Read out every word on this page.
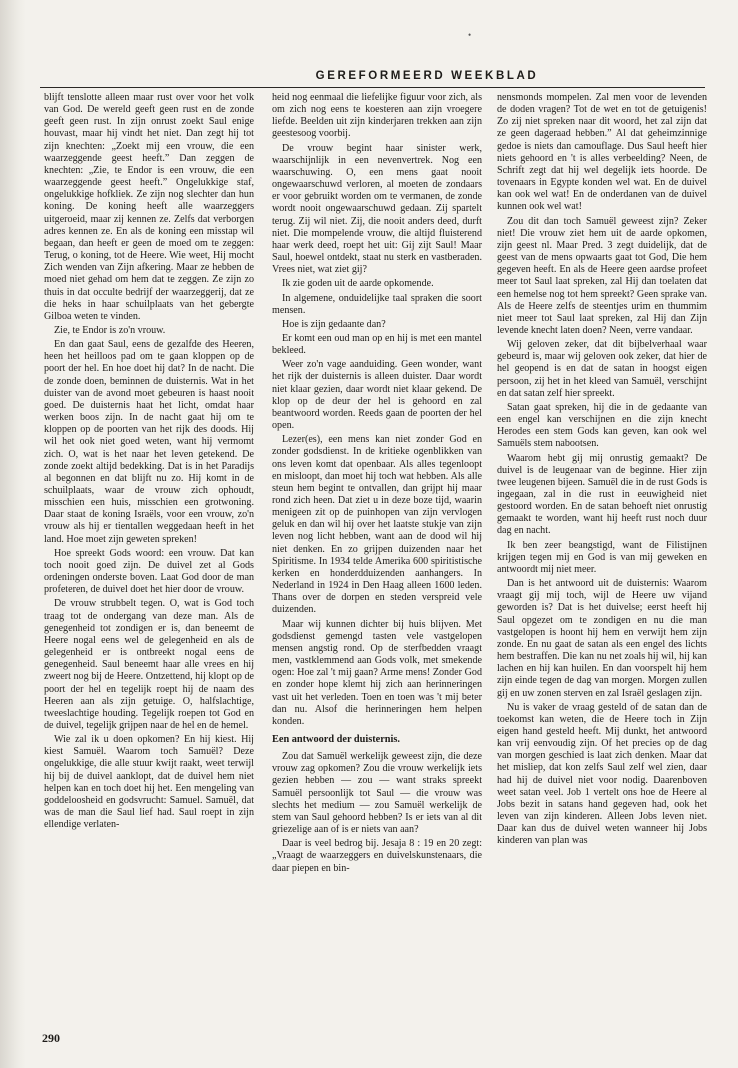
•
GEREFORMEERD WEEKBLAD

blijft tenslotte alleen maar rust over voor het volk van God. De wereld geeft geen rust en de zonde geeft geen rust. In zijn onrust zoekt Saul enige houvast, maar hij vindt het niet. Dan zegt hij tot zijn knechten: „Zoekt mij een vrouw, die een waarzeggende geest heeft.” Dan zeggen de knechten: „Zie, te Endor is een vrouw, die een waarzeggende geest heeft.” Ongelukkige staf, ongelukkige hofkliek. Ze zijn nog slechter dan hun koning. De koning heeft alle waarzeggers uitgeroeid, maar zij kennen ze. Zelfs dat verborgen adres kennen ze. En als de koning een misstap wil begaan, dan heeft er geen de moed om te zeggen: Terug, o koning, tot de Heere. Wie weet, Hij mocht Zich wenden van Zijn afkering. Maar ze hebben de moed niet gehad om hem dat te zeggen. Ze zijn zo thuis in dat occulte bedrijf der waarzeggerij, dat ze die heks in haar schuilplaats van het gebergte Gilboa weten te vinden.

Zie, te Endor is zo'n vrouw.

En dan gaat Saul, eens de gezalfde des Heeren, heen het heilloos pad om te gaan kloppen op de poort der hel. En hoe doet hij dat? In de nacht. Die de zonde doen, beminnen de duisternis. Wat in het duister van de avond moet gebeuren is haast nooit goed. De duisternis haat het licht, omdat haar werken boos zijn. In de nacht gaat hij om te kloppen op de poorten van het rijk des doods. Hij wil het ook niet goed weten, want hij vermomt zich. O, wat is het naar het leven getekend. De zonde zoekt altijd bedekking. Dat is in het Paradijs al begonnen en dat blijft nu zo. Hij komt in de schuilplaats, waar de vrouw zich ophoudt, misschien een huis, misschien een grotwoning. Daar staat de koning Israëls, voor een vrouw, zo'n vrouw als hij er tientallen weggedaan heeft in het land. Hoe moet zijn geweten spreken!

Hoe spreekt Gods woord: een vrouw. Dat kan toch nooit goed zijn. De duivel zet al Gods ordeningen onderste boven. Laat God door de man profeteren, de duivel doet het hier door de vrouw.

De vrouw strubbelt tegen. O, wat is God toch traag tot de ondergang van deze man. Als de genegenheid tot zondigen er is, dan beneemt de Heere nogal eens wel de gelegenheid en als de gelegenheid er is ontbreekt nogal eens de genegenheid. Saul beneemt haar alle vrees en hij zweert nog bij de Heere. Ontzettend, hij klopt op de poort der hel en tegelijk roept hij de naam des Heeren aan als zijn getuige. O, halfslachtige, tweeslachtige houding. Tegelijk roepen tot God en de duivel, tegelijk grijpen naar de hel en de hemel.

Wie zal ik u doen opkomen? En hij kiest. Hij kiest Samuël. Waarom toch Samuël? Deze ongelukkige, die alle stuur kwijt raakt, weet terwijl hij bij de duivel aanklopt, dat de duivel hem niet helpen kan en toch doet hij het. Een mengeling van goddeloosheid en godsvrucht: Samuel. Samuël, dat was de man die Saul lief had. Saul roept in zijn ellendige verlaten-

heid nog eenmaal die liefelijke figuur voor zich, als om zich nog eens te koesteren aan zijn vroegere liefde. Beelden uit zijn kinderjaren trekken aan zijn geestesoog voorbij.

De vrouw begint haar sinister werk, waarschijnlijk in een nevenvertrek. Nog een waarschuwing. O, een mens gaat nooit ongewaarschuwd verloren, al moeten de zondaars er voor gebruikt worden om te vermanen, de zonde wordt nooit ongewaarschuwd gedaan. Zij spartelt terug. Zij wil niet. Zij, die nooit anders deed, durft niet. Die mompelende vrouw, die altijd fluisterend haar werk deed, roept het uit: Gij zijt Saul! Maar Saul, hoewel ontdekt, staat nu sterk en vastberaden. Vrees niet, wat ziet gij?

Ik zie goden uit de aarde opkomende.

In algemene, onduidelijke taal spraken die soort mensen.

Hoe is zijn gedaante dan?

Er komt een oud man op en hij is met een mantel bekleed.

Weer zo'n vage aanduiding. Geen wonder, want het rijk der duisternis is alleen duister. Daar wordt niet klaar gezien, daar wordt niet klaar gekend. De klop op de deur der hel is gehoord en zal beantwoord worden. Reeds gaan de poorten der hel open.

Lezer(es), een mens kan niet zonder God en zonder godsdienst. In de kritieke ogenblikken van ons leven komt dat openbaar. Als alles tegenloopt en misloopt, dan moet hij toch wat hebben. Als alle steun hem begint te ontvallen, dan grijpt hij maar rond zich heen. Dat ziet u in deze boze tijd, waarin menigeen zit op de puinhopen van zijn vervlogen geluk en dan wil hij over het laatste stukje van zijn leven nog licht hebben, want aan de dood wil hij niet denken. En zo grijpen duizenden naar het Spiritisme. In 1934 telde Amerika 600 spiritistische kerken en honderdduizenden aanhangers. In Nederland in 1924 in Den Haag alleen 1600 leden. Thans over de dorpen en steden verspreid vele duizenden.

Maar wij kunnen dichter bij huis blijven. Met godsdienst gemengd tasten vele vastgelopen mensen angstig rond. Op de sterfbedden vraagt men, vastklemmend aan Gods volk, met smekende ogen: Hoe zal 't mij gaan? Arme mens! Zonder God en zonder hope klemt hij zich aan herinneringen vast uit het verleden. Toen en toen was 't mij beter dan nu. Alsof die herinneringen hem helpen konden.

Een antwoord der duisternis.

Zou dat Samuël werkelijk geweest zijn, die deze vrouw zag opkomen? Zou die vrouw werkelijk iets gezien hebben — zou — want straks spreekt Samuël persoonlijk tot Saul — die vrouw was slechts het medium — zou Samuël werkelijk de stem van Saul gehoord hebben? Is er iets van al dit griezelige aan of is er niets van aan?

Daar is veel bedrog bij. Jesaja 8 : 19 en 20 zegt: „Vraagt de waarzeggers en duivelskunstenaars, die daar piepen en bin-

nensmonds mompelen. Zal men voor de levenden de doden vragen? Tot de wet en tot de getuigenis! Zo zij niet spreken naar dit woord, het zal zijn dat ze geen dageraad hebben.” Al dat geheimzinnige gedoe is niets dan camouflage. Dus Saul heeft hier niets gehoord en 't is alles verbeelding? Neen, de Schrift zegt dat hij wel degelijk iets hoorde. De tovenaars in Egypte konden wel wat. En de duivel kan ook wel wat! En de onderdanen van de duivel kunnen ook wel wat!

Zou dit dan toch Samuël geweest zijn? Zeker niet! Die vrouw ziet hem uit de aarde opkomen, zijn geest nl. Maar Pred. 3 zegt duidelijk, dat de geest van de mens opwaarts gaat tot God, Die hem gegeven heeft. En als de Heere geen aardse profeet meer tot Saul laat spreken, zal Hij dan toelaten dat een hemelse nog tot hem spreekt? Geen sprake van. Als de Heere zelfs de steentjes urim en thummim niet meer tot Saul laat spreken, zal Hij dan Zijn levende knecht laten doen? Neen, verre vandaar.

Wij geloven zeker, dat dit bijbelverhaal waar gebeurd is, maar wij geloven ook zeker, dat hier de hel geopend is en dat de satan in hoogst eigen persoon, zij het in het kleed van Samuël, verschijnt en dat satan zelf hier spreekt.

Satan gaat spreken, hij die in de gedaante van een engel kan verschijnen en die zijn knecht Herodes een stem Gods kan geven, kan ook wel Samuëls stem nabootsen.

Waarom hebt gij mij onrustig gemaakt? De duivel is de leugenaar van de beginne. Hier zijn twee leugenen bijeen. Samuël die in de rust Gods is ingegaan, zal in die rust in eeuwigheid niet gestoord worden. En de satan behoeft niet onrustig gemaakt te worden, want hij heeft rust noch duur dag en nacht.

Ik ben zeer beangstigd, want de Filistijnen krijgen tegen mij en God is van mij geweken en antwoordt mij niet meer.

Dan is het antwoord uit de duisternis: Waarom vraagt gij mij toch, wijl de Heere uw vijand geworden is? Dat is het duivelse; eerst heeft hij Saul opgezet om te zondigen en nu die man vastgelopen is hoont hij hem en verwijt hem zijn zonde. En nu gaat de satan als een engel des lichts hem bestraffen. Die kan nu net zoals hij wil, hij kan lachen en hij kan huilen. En dan voorspelt hij hem zijn einde tegen de dag van morgen. Morgen zullen gij en uw zonen sterven en zal Israël geslagen zijn.

Nu is vaker de vraag gesteld of de satan dan de toekomst kan weten, die de Heere toch in Zijn eigen hand gesteld heeft. Mij dunkt, het antwoord kan vrij eenvoudig zijn. Of het precies op de dag van morgen geschied is laat zich denken. Maar dat het misliep, dat kon zelfs Saul zelf wel zien, daar had hij de duivel niet voor nodig. Daarenboven weet satan veel. Job 1 vertelt ons hoe de Heere al Jobs bezit in satans hand gegeven had, ook het leven van zijn kinderen. Alleen Jobs leven niet. Daar kan dus de duivel weten wanneer hij Jobs kinderen van plan was

290
